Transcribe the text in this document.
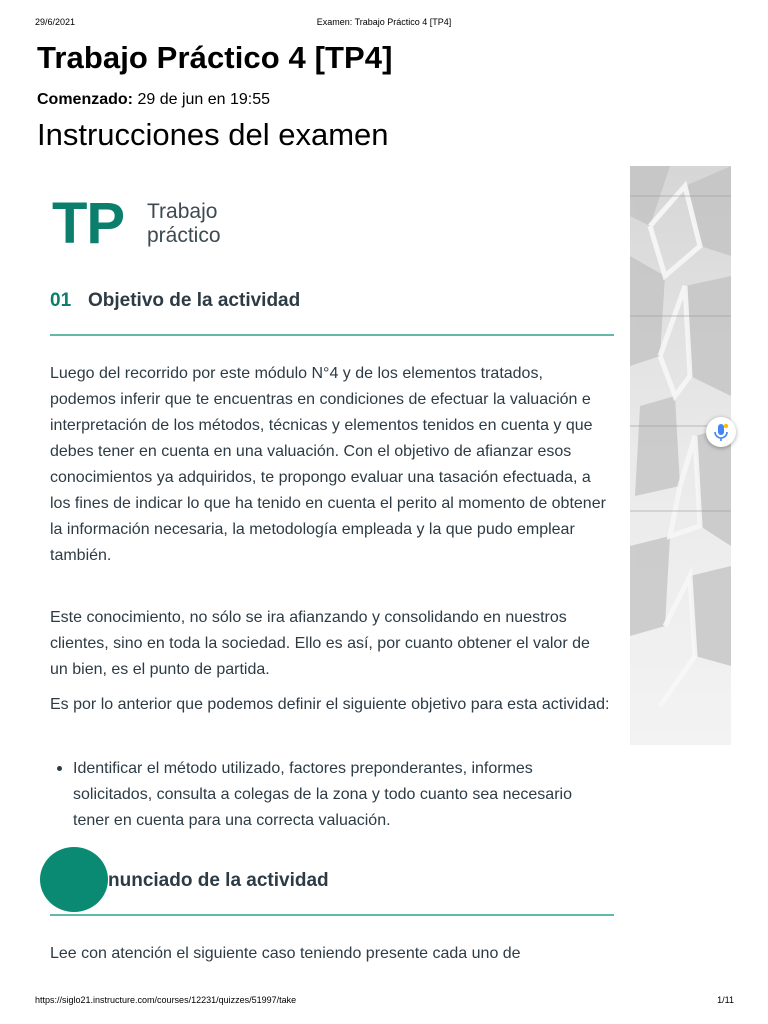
29/6/2021	Examen: Trabajo Práctico 4 [TP4]
Trabajo Práctico 4 [TP4]
Comenzado: 29 de jun en 19:55
Instrucciones del examen
TP Trabajo
práctico
01 Objetivo de la actividad

Luego del recorrido por este módulo N°4 y de los elementos tratados, podemos inferir que te encuentras en condiciones de efectuar la valuación e interpretación de los métodos, técnicas y elementos tenidos en cuenta y que debes tener en cuenta en una valuación. Con el objetivo de afianzar esos conocimientos ya adquiridos, te propongo evaluar una tasación efectuada, a los fines de indicar lo que ha tenido en cuenta el perito al momento de obtener la información necesaria, la metodología empleada y la que pudo emplear también.

Este conocimiento, no sólo se ira afianzando y consolidando en nuestros clientes, sino en toda la sociedad. Ello es así, por cuanto obtener el valor de un bien, es el punto de partida.

Es por lo anterior que podemos definir el siguiente objetivo para esta actividad:

Identificar el método utilizado, factores preponderantes, informes solicitados, consulta a colegas de la zona y todo cuanto sea necesario tener en cuenta para una correcta valuación.
nunciado de la actividad

Lee con atención el siguiente caso teniendo presente cada uno de

https://siglo21.instructure.com/courses/12231/quizzes/51997/take	1/11
